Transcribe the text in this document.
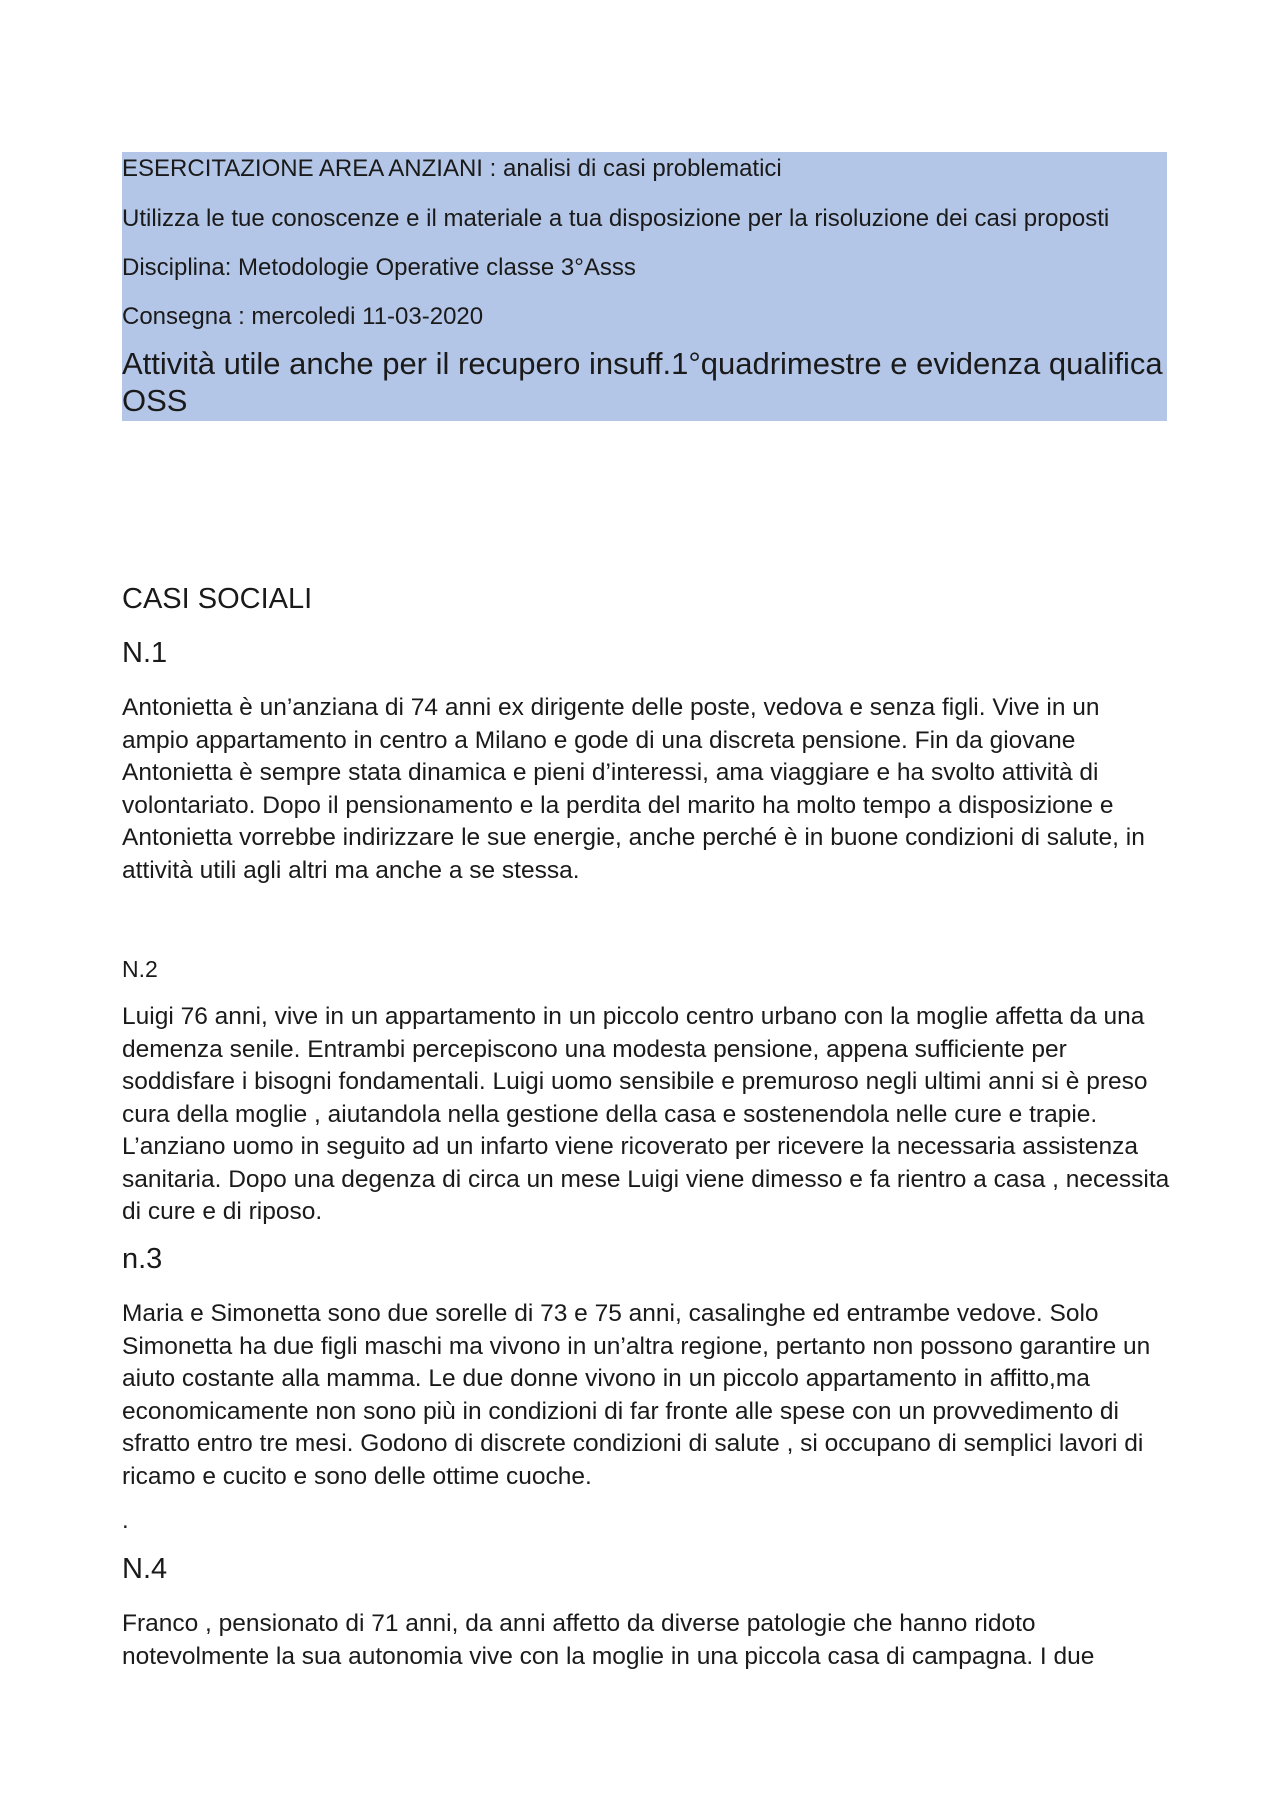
ESERCITAZIONE AREA ANZIANI : analisi di casi problematici

Utilizza le tue conoscenze e il materiale a tua disposizione per la risoluzione dei casi proposti

Disciplina: Metodologie Operative classe 3°Asss

Consegna : mercoledi 11-03-2020

Attività utile anche per il recupero insuff.1°quadrimestre e evidenza qualifica OSS

CASI SOCIALI

N.1

Antonietta è un’anziana di 74 anni ex dirigente delle poste, vedova e senza figli. Vive in un ampio appartamento in centro a Milano e gode di una discreta pensione. Fin da giovane Antonietta è sempre stata dinamica e pieni d’interessi, ama viaggiare e ha svolto attività di volontariato. Dopo il pensionamento e la perdita del marito ha molto tempo a disposizione e Antonietta vorrebbe indirizzare le sue energie, anche perché è in buone condizioni di salute, in attività utili agli altri ma anche a se stessa.

N.2

Luigi 76 anni, vive in un appartamento in un piccolo centro urbano con la moglie affetta da una demenza senile. Entrambi percepiscono una modesta pensione, appena sufficiente per soddisfare i bisogni fondamentali. Luigi uomo sensibile e premuroso negli ultimi anni si è preso cura della moglie , aiutandola nella gestione della casa e sostenendola nelle cure e trapie. L’anziano uomo in seguito ad un infarto viene ricoverato per ricevere la necessaria assistenza sanitaria. Dopo una degenza di circa un mese Luigi viene dimesso e fa rientro a casa , necessita di cure e di riposo.

n.3

Maria e Simonetta sono due sorelle di 73 e 75 anni, casalinghe ed entrambe vedove. Solo Simonetta ha due figli maschi ma vivono in un’altra regione, pertanto non possono garantire un aiuto costante alla mamma. Le due donne vivono in un piccolo appartamento in affitto,ma economicamente non sono più in condizioni di far fronte alle spese con un provvedimento di sfratto entro tre mesi. Godono di discrete condizioni di salute , si occupano di semplici lavori di ricamo e cucito e sono delle ottime cuoche.

.

N.4

Franco , pensionato di 71 anni, da anni affetto da diverse patologie che hanno ridoto notevolmente la sua autonomia vive con la moglie in una piccola casa di campagna. I due
